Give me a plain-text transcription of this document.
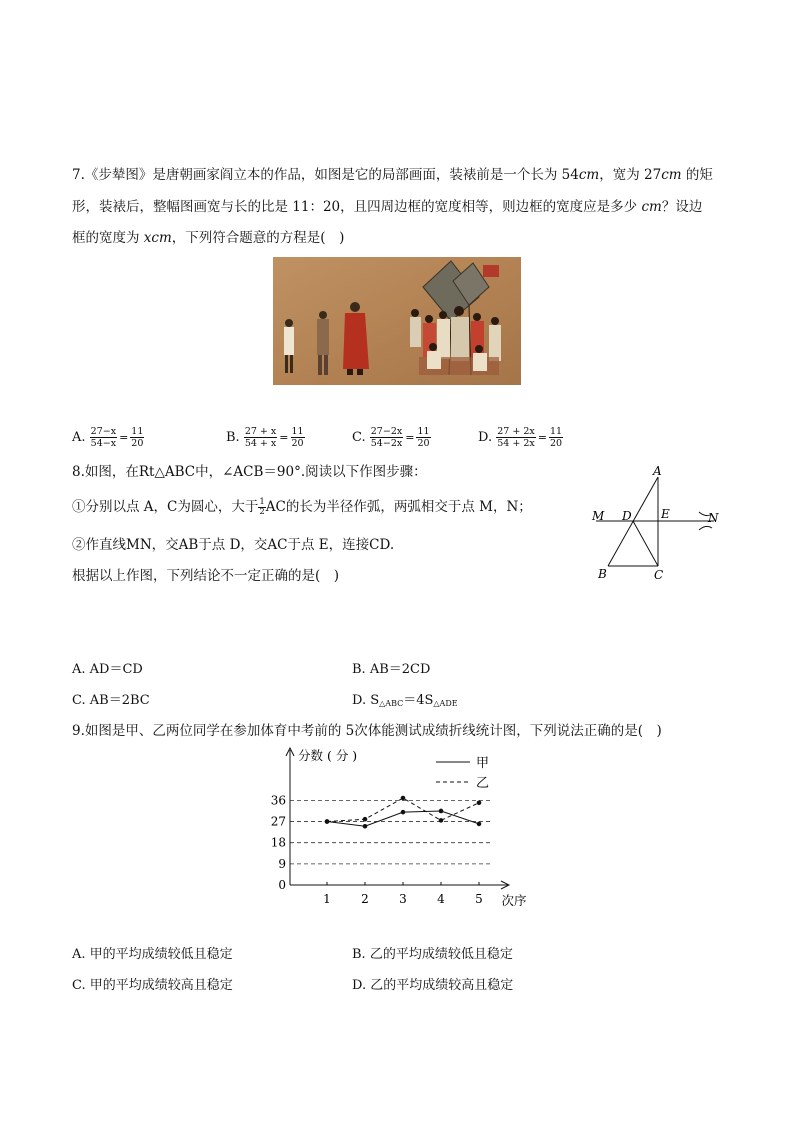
7.《步辇图》是唐朝画家阎立本的作品，如图是它的局部画面，装裱前是一个长为 54cm，宽为 27cm 的矩
形，装裱后，整幅图画宽与长的比是 11：20，且四周边框的宽度相等，则边框的宽度应是多少 cm？设边
框的宽度为 xcm，下列符合题意的方程是(　)
A. $\frac{27-x}{54-x} = \frac{11}{20}$	B. $\frac{27 + x}{54 + x} = \frac{11}{20}$	C. $\frac{27-2x}{54-2x} = \frac{11}{20}$	D. $\frac{27 + 2x}{54 + 2x} = \frac{11}{20}$
8.如图，在Rt△ABC中，∠ACB＝90°.阅读以下作图步骤：
①分别以点 A，C为圆心，大于 $\frac{1}{2}$ AC的长为半径作弧，两弧相交于点 M，N；
②作直线MN，交AB于点 D，交AC于点 E，连接CD.
根据以上作图，下列结论不一定正确的是(　)
A
M D E	N
B	C
A. AD＝CD	B. AB＝2CD
C. AB＝2BC	D. $S_{\triangle ABC}=4S_{\triangle ADE}$
9.如图是甲、乙两位同学在参加体育中考前的 5次体能测试成绩折线统计图，下列说法正确的是(　)
0
9
18
27
36
1	2	3	4	5
分数 ( 分 )
次序
甲
乙
A. 甲的平均成绩较低且稳定	B. 乙的平均成绩较低且稳定
C. 甲的平均成绩较高且稳定	D. 乙的平均成绩较高且稳定
